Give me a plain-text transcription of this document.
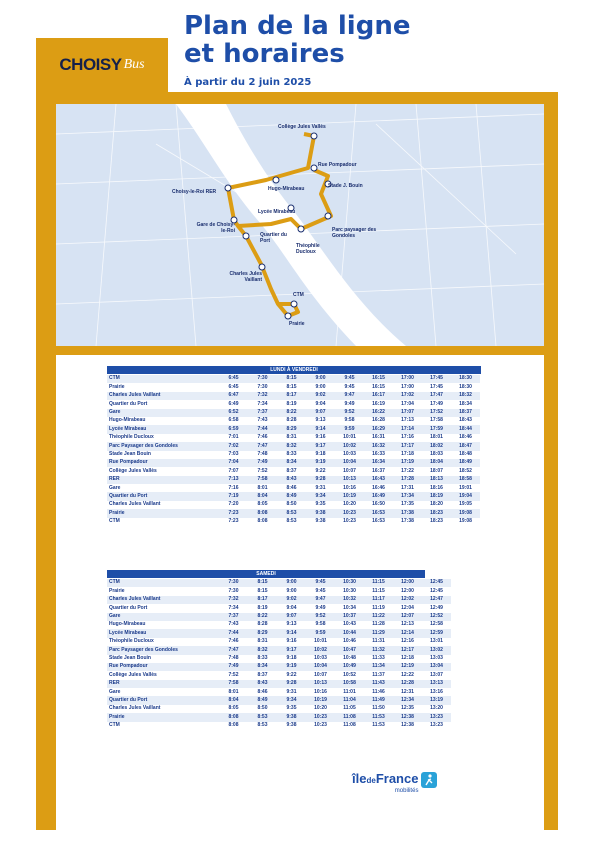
CHOISY Bus
Plan de la ligne
et horaires
À partir du 2 juin 2025
Collège Jules Vallès
Rue Pompadour
Stade J. Bouin
Choisy-le-Roi RER	Hugo-Mirabeau
Lycée Mirabeau
Gare de Choisy-le-Roi
Quartier du Port
Théophile Ducloux
Parc paysager des Gondoles
Charles Jules Vaillant
CTM
Prairie
LUNDI À VENDREDI
CTM	6:45	7:30	8:15	9:00	9:45	16:15	17:00	17:45	18:30
Prairie	6:45	7:30	8:15	9:00	9:45	16:15	17:00	17:45	18:30
Charles Jules Vaillant	6:47	7:32	8:17	9:02	9:47	16:17	17:02	17:47	18:32
Quartier du Port	6:49	7:34	8:19	9:04	9:49	16:19	17:04	17:49	18:34
Gare	6:52	7:37	8:22	9:07	9:52	16:22	17:07	17:52	18:37
Hugo-Mirabeau	6:58	7:43	8:28	9:13	9:58	16:28	17:13	17:58	18:43
Lycée Mirabeau	6:59	7:44	8:29	9:14	9:59	16:29	17:14	17:59	18:44
Théophile Ducloux	7:01	7:46	8:31	9:16	10:01	16:31	17:16	18:01	18:46
Parc Paysager des Gondoles	7:02	7:47	8:32	9:17	10:02	16:32	17:17	18:02	18:47
Stade Jean Bouin	7:03	7:48	8:33	9:18	10:03	16:33	17:18	18:03	18:48
Rue Pompadour	7:04	7:49	8:34	9:19	10:04	16:34	17:19	18:04	18:49
Collège Jules Vallès	7:07	7:52	8:37	9:22	10:07	16:37	17:22	18:07	18:52
RER	7:13	7:58	8:43	9:28	10:13	16:43	17:28	18:13	18:58
Gare	7:16	8:01	8:46	9:31	10:16	16:46	17:31	18:16	19:01
Quartier du Port	7:19	8:04	8:49	9:34	10:19	16:49	17:34	18:19	19:04
Charles Jules Vaillant	7:20	8:05	8:50	9:35	10:20	16:50	17:35	18:20	19:05
Prairie	7:23	8:08	8:53	9:38	10:23	16:53	17:38	18:23	19:08
CTM	7:23	8:08	8:53	9:38	10:23	16:53	17:38	18:23	19:08
SAMEDI
CTM	7:30	8:15	9:00	9:45	10:30	11:15	12:00	12:45
Prairie	7:30	8:15	9:00	9:45	10:30	11:15	12:00	12:45
Charles Jules Vaillant	7:32	8:17	9:02	9:47	10:32	11:17	12:02	12:47
Quartier du Port	7:34	8:19	9:04	9:49	10:34	11:19	12:04	12:49
Gare	7:37	8:22	9:07	9:52	10:37	11:22	12:07	12:52
Hugo-Mirabeau	7:43	8:28	9:13	9:58	10:43	11:28	12:13	12:58
Lycée Mirabeau	7:44	8:29	9:14	9:59	10:44	11:29	12:14	12:59
Théophile Ducloux	7:46	8:31	9:16	10:01	10:46	11:31	12:16	13:01
Parc Paysager des Gondoles	7:47	8:32	9:17	10:02	10:47	11:32	12:17	13:02
Stade Jean Bouin	7:48	8:33	9:18	10:03	10:48	11:33	12:18	13:03
Rue Pompadour	7:49	8:34	9:19	10:04	10:49	11:34	12:19	13:04
Collège Jules Vallès	7:52	8:37	9:22	10:07	10:52	11:37	12:22	13:07
RER	7:58	8:43	9:28	10:13	10:58	11:43	12:28	13:13
Gare	8:01	8:46	9:31	10:16	11:01	11:46	12:31	13:16
Quartier du Port	8:04	8:49	9:34	10:19	11:04	11:49	12:34	13:19
Charles Jules Vaillant	8:05	8:50	9:35	10:20	11:05	11:50	12:35	13:20
Prairie	8:08	8:53	9:38	10:23	11:08	11:53	12:38	13:23
CTM	8:08	8:53	9:38	10:23	11:08	11:53	12:38	13:23
îledeFrance
mobilités
CHOISY·LE·ROI
